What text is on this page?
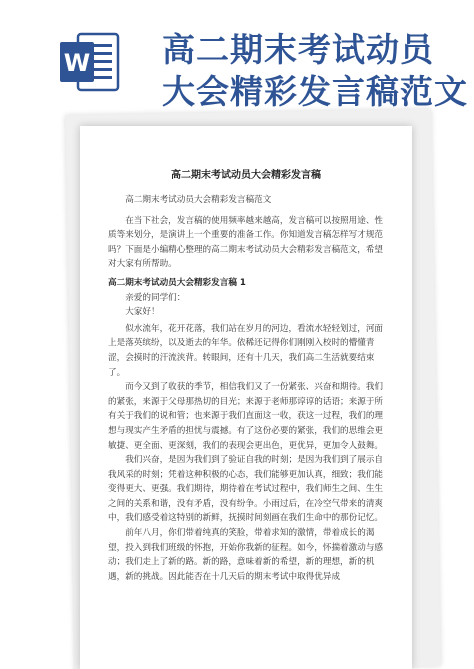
W 高二期末考试动员
大会精彩发言稿范文
高二期末考试动员大会精彩发言稿
高二期末考试动员大会精彩发言稿范文
在当下社会，发言稿的使用频率越来越高，发言稿可以按照用途、性质等来划分，是演讲上一个重要的准备工作。你知道发言稿怎样写才规范吗？下面是小编精心整理的高二期末考试动员大会精彩发言稿范文，希望对大家有所帮助。
高二期末考试动员大会精彩发言稿 1
亲爱的同学们：
大家好！
似水流年，花开花落，我们站在岁月的河边，看流水轻轻划过，河面上是落英缤纷，以及逝去的年华。依稀还记得你们刚刚入校时的懵懂青涩，会摸时的汗流浃背。转眼间，还有十几天，我们高二生活就要结束了。
而今又到了收获的季节，相信我们又了一份紧张、兴奋和期待。我们的紧张，来源于父母那热切的目光；来源于老师那谆谆的话语；来源于所有关于我们的说和管；也来源于我们直面这一收，获这一过程，我们的理想与现实产生矛盾的担忧与震撼。有了这份必要的紧张，我们的思维会更敏捷、更全面、更深刻，我们的表现会更出色，更优异，更加令人鼓舞。
我们兴奋，是因为我们到了验证自我的时刻；是因为我们到了展示自我风采的时刻；凭着这种积极的心态，我们能够更加认真，细致；我们能变得更大、更强。我们期待，期待着在考试过程中，我们师生之间、生生之间的关系和谐，没有矛盾，没有纷争。小雨过后，在冷空气带来的清爽中，我们感受着这特别的新鲜，抚摸时间刻画在我们生命中的那份记忆。
前年八月，你们带着纯真的笑脸，带着求知的激情，带着成长的渴望，投入到我们班级的怀抱，开始你我新的征程。如今，怀揣着激动与感动；我们走上了新的路。新的路，意味着新的希望，新的理想，新的机遇，新的挑战。因此能否在十几天后的期末考试中取得优异成
